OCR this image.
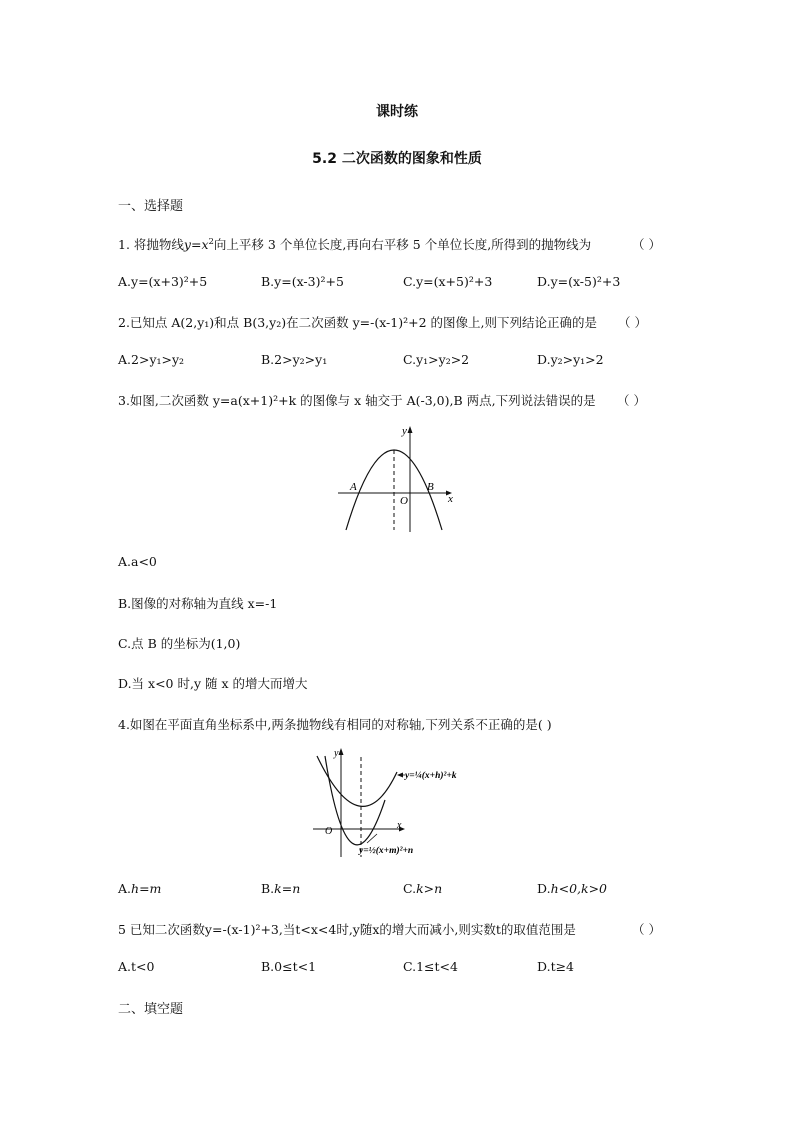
课时练
5.2 二次函数的图象和性质
一、选择题
1. 将抛物线$y=x^2$向上平移 3 个单位长度,再向右平移 5 个单位长度,所得到的抛物线为	（ ）
A.y=(x+3)²+5	B.y=(x-3)²+5	C.y=(x+5)²+3	D.y=(x-5)²+3
2.已知点 A(2,y₁)和点 B(3,y₂)在二次函数 y=-(x-1)²+2 的图像上,则下列结论正确的是 （ ）
A.2>y₁>y₂	B.2>y₂>y₁	C.y₁>y₂>2	D.y₂>y₁>2
3.如图,二次函数 y=a(x+1)²+k 的图像与 x 轴交于 A(-3,0),B 两点,下列说法错误的是 （ ）
y
x
A
O
B
A.a<0
B.图像的对称轴为直线 x=-1
C.点 B 的坐标为(1,0)
D.当 x<0 时,y 随 x 的增大而增大
4.如图在平面直角坐标系中,两条抛物线有相同的对称轴,下列关系不正确的是( )
y
x
O
y=¼(x+h)²+k
y=½(x+m)²+n
A.h=m	B.k=n	C.k>n	D.h<0,k>0
5 已知二次函数y=-(x-1)²+3,当t<x<4时,y随x的增大而减小,则实数t的取值范围是	（ ）
A.t<0	B.0≤t<1	C.1≤t<4	D.t≥4
二、填空题
